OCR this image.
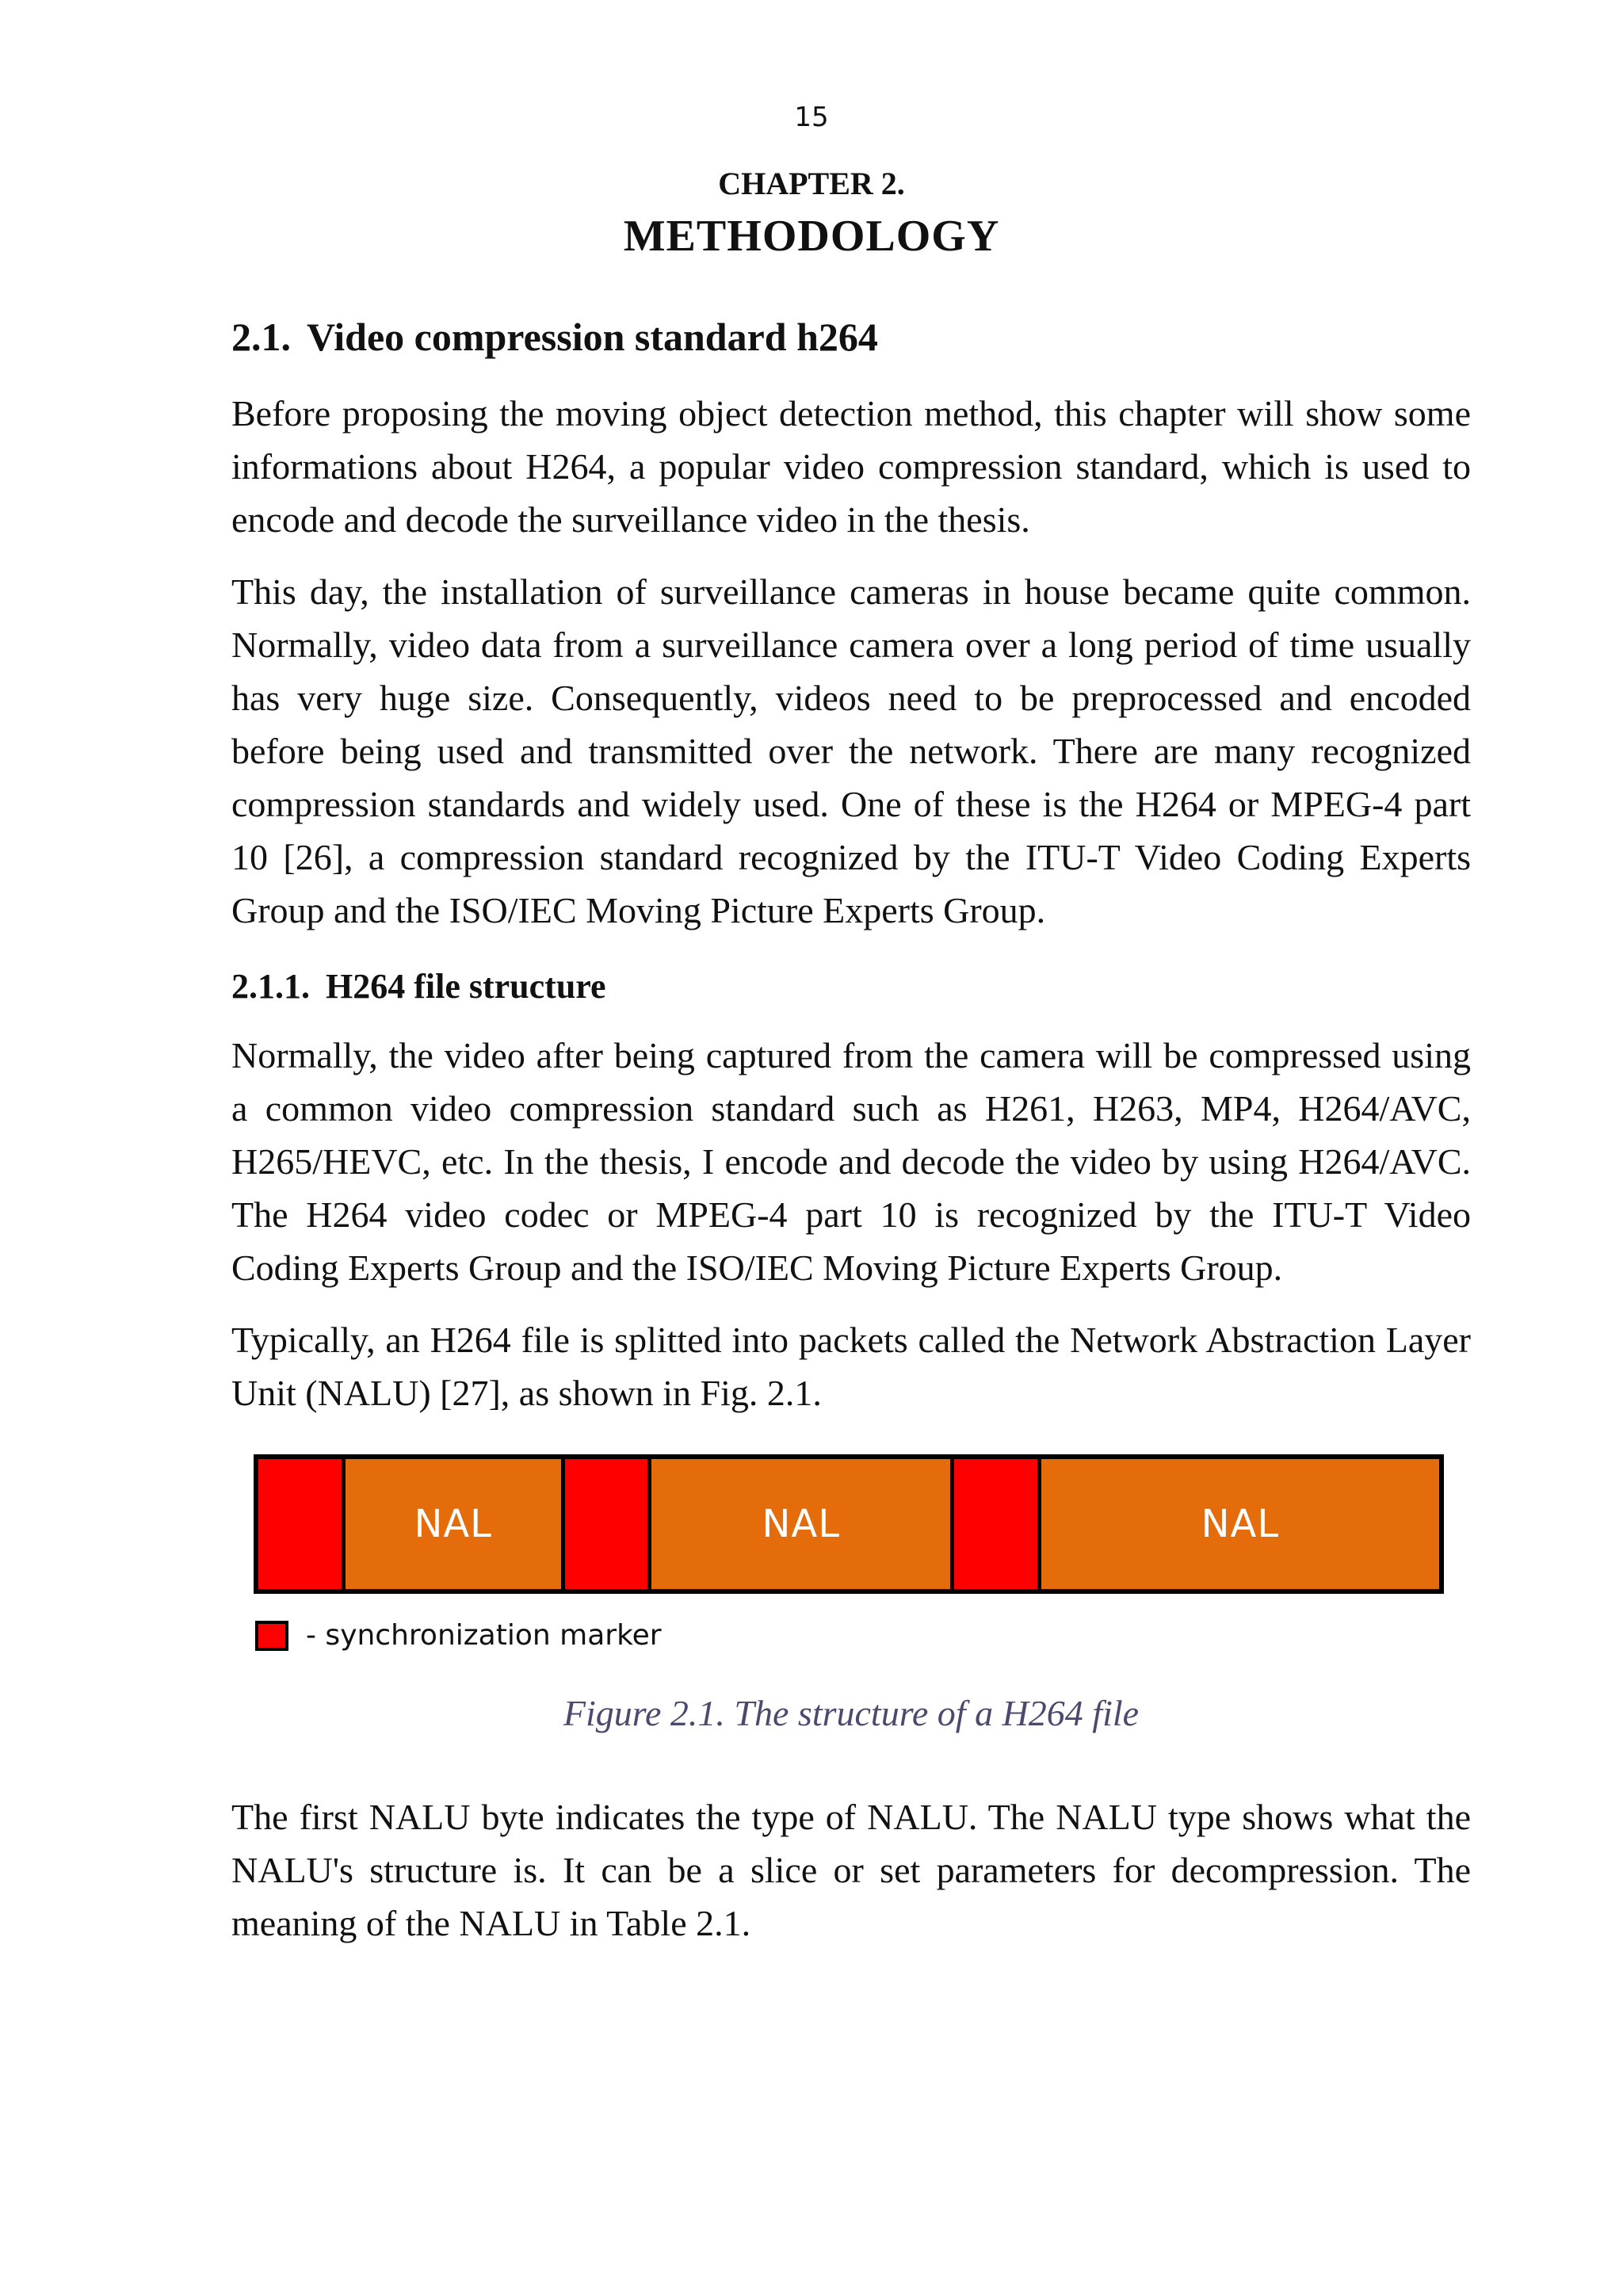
15
CHAPTER 2.
METHODOLOGY
2.1. Video compression standard h264

Before proposing the moving object detection method, this chapter will show some informations about H264, a popular video compression standard, which is used to encode and decode the surveillance video in the thesis.

This day, the installation of surveillance cameras in house became quite common. Normally, video data from a surveillance camera over a long period of time usually has very huge size. Consequently, videos need to be preprocessed and encoded before being used and transmitted over the network. There are many recognized compression standards and widely used. One of these is the H264 or MPEG-4 part 10 [26], a compression standard recognized by the ITU-T Video Coding Experts Group and the ISO/IEC Moving Picture Experts Group.

2.1.1. H264 file structure

Normally, the video after being captured from the camera will be compressed using a common video compression standard such as H261, H263, MP4, H264/AVC, H265/HEVC, etc. In the thesis, I encode and decode the video by using H264/AVC. The H264 video codec or MPEG-4 part 10 is recognized by the ITU-T Video Coding Experts Group and the ISO/IEC Moving Picture Experts Group.

Typically, an H264 file is splitted into packets called the Network Abstraction Layer Unit (NALU) [27], as shown in Fig. 2.1.

NAL	NAL	NAL
- synchronization marker
Figure 2.1. The structure of a H264 file

The first NALU byte indicates the type of NALU. The NALU type shows what the NALU's structure is. It can be a slice or set parameters for decompression. The meaning of the NALU in Table 2.1.
